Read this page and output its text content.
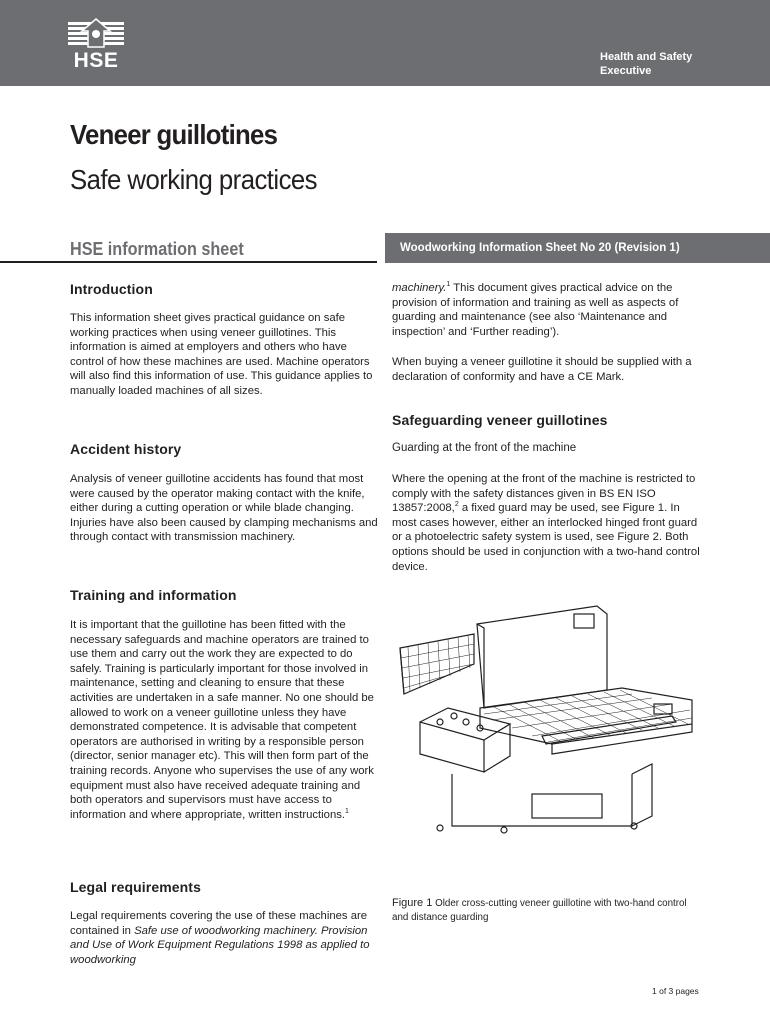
HSE	Health and Safety
Executive
Veneer guillotines
Safe working practices
HSE information sheet	Woodworking Information Sheet No 20 (Revision 1)
Introduction

This information sheet gives practical guidance on safe working practices when using veneer guillotines. This information is aimed at employers and others who have control of how these machines are used. Machine operators will also find this information of use. This guidance applies to manually loaded machines of all sizes.

Accident history

Analysis of veneer guillotine accidents has found that most were caused by the operator making contact with the knife, either during a cutting operation or while blade changing. Injuries have also been caused by clamping mechanisms and through contact with transmission machinery.

Training and information

It is important that the guillotine has been fitted with the necessary safeguards and machine operators are trained to use them and carry out the work they are expected to do safely. Training is particularly important for those involved in maintenance, setting and cleaning to ensure that these activities are undertaken in a safe manner. No one should be allowed to work on a veneer guillotine unless they have demonstrated competence. It is advisable that competent operators are authorised in writing by a responsible person (director, senior manager etc). This will then form part of the training records. Anyone who supervises the use of any work equipment must also have received adequate training and both operators and supervisors must have access to information and where appropriate, written instructions.$^1$

Legal requirements

Legal requirements covering the use of these machines are contained in Safe use of woodworking machinery. Provision and Use of Work Equipment Regulations 1998 as applied to woodworking

machinery.$^1$ This document gives practical advice on the provision of information and training as well as aspects of guarding and maintenance (see also ‘Maintenance and inspection’ and ‘Further reading’).

When buying a veneer guillotine it should be supplied with a declaration of conformity and have a CE Mark.

Safeguarding veneer guillotines
Guarding at the front of the machine

Where the opening at the front of the machine is restricted to comply with the safety distances given in BS EN ISO 13857:2008,$^2$ a fixed guard may be used, see Figure 1. In most cases however, either an interlocked hinged front guard or a photoelectric safety system is used, see Figure 2. Both options should be used in conjunction with a two-hand control device.

Figure 1 Older cross-cutting veneer guillotine with two-hand control and distance guarding

1 of 3 pages
